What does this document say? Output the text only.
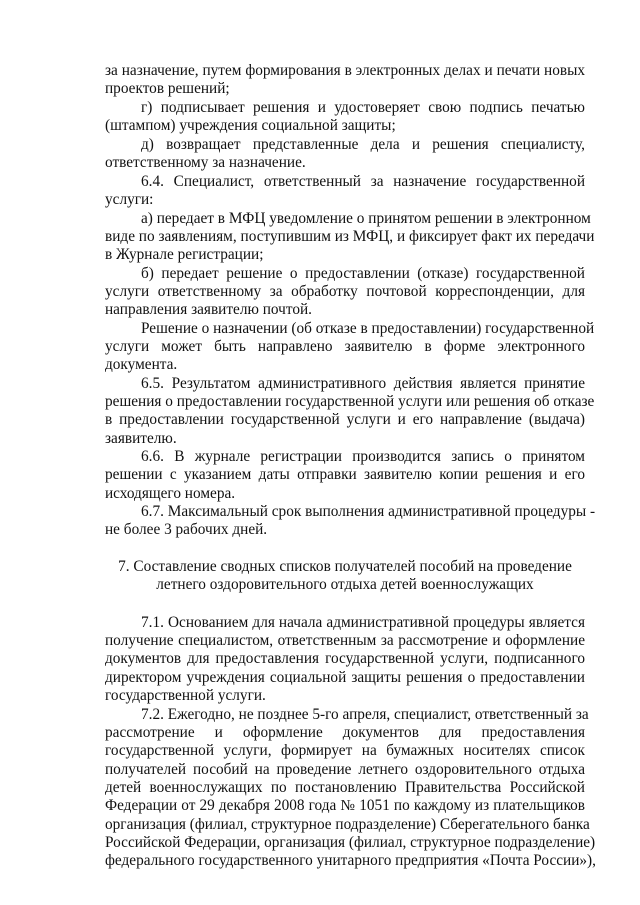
за назначение, путем формирования в электронных делах и печати новых
проектов решений;
г) подписывает решения и удостоверяет свою подпись печатью
(штампом) учреждения социальной защиты;
д) возвращает представленные дела и решения специалисту,
ответственному за назначение.
6.4. Специалист, ответственный за назначение государственной
услуги:
а) передает в МФЦ уведомление о принятом решении в электронном
виде по заявлениям, поступившим из МФЦ, и фиксирует факт их передачи
в Журнале регистрации;
б) передает решение о предоставлении (отказе) государственной
услуги ответственному за обработку почтовой корреспонденции, для
направления заявителю почтой.
Решение о назначении (об отказе в предоставлении) государственной
услуги может быть направлено заявителю в форме электронного
документа.
6.5. Результатом административного действия является принятие
решения о предоставлении государственной услуги или решения об отказе
в предоставлении государственной услуги и его направление (выдача)
заявителю.
6.6. В журнале регистрации производится запись о принятом
решении с указанием даты отправки заявителю копии решения и его
исходящего номера.
6.7. Максимальный срок выполнения административной процедуры -
не более 3 рабочих дней.
7. Составление сводных списков получателей пособий на проведение
летнего оздоровительного отдыха детей военнослужащих
7.1. Основанием для начала административной процедуры является
получение специалистом, ответственным за рассмотрение и оформление
документов для предоставления государственной услуги, подписанного
директором учреждения социальной защиты решения о предоставлении
государственной услуги.
7.2. Ежегодно, не позднее 5-го апреля, специалист, ответственный за
рассмотрение и оформление документов для предоставления
государственной услуги, формирует на бумажных носителях список
получателей пособий на проведение летнего оздоровительного отдыха
детей военнослужащих по постановлению Правительства Российской
Федерации от 29 декабря 2008 года № 1051 по каждому из плательщиков
организация (филиал, структурное подразделение) Сберегательного банка
Российской Федерации, организация (филиал, структурное подразделение)
федерального государственного унитарного предприятия «Почта России»),
